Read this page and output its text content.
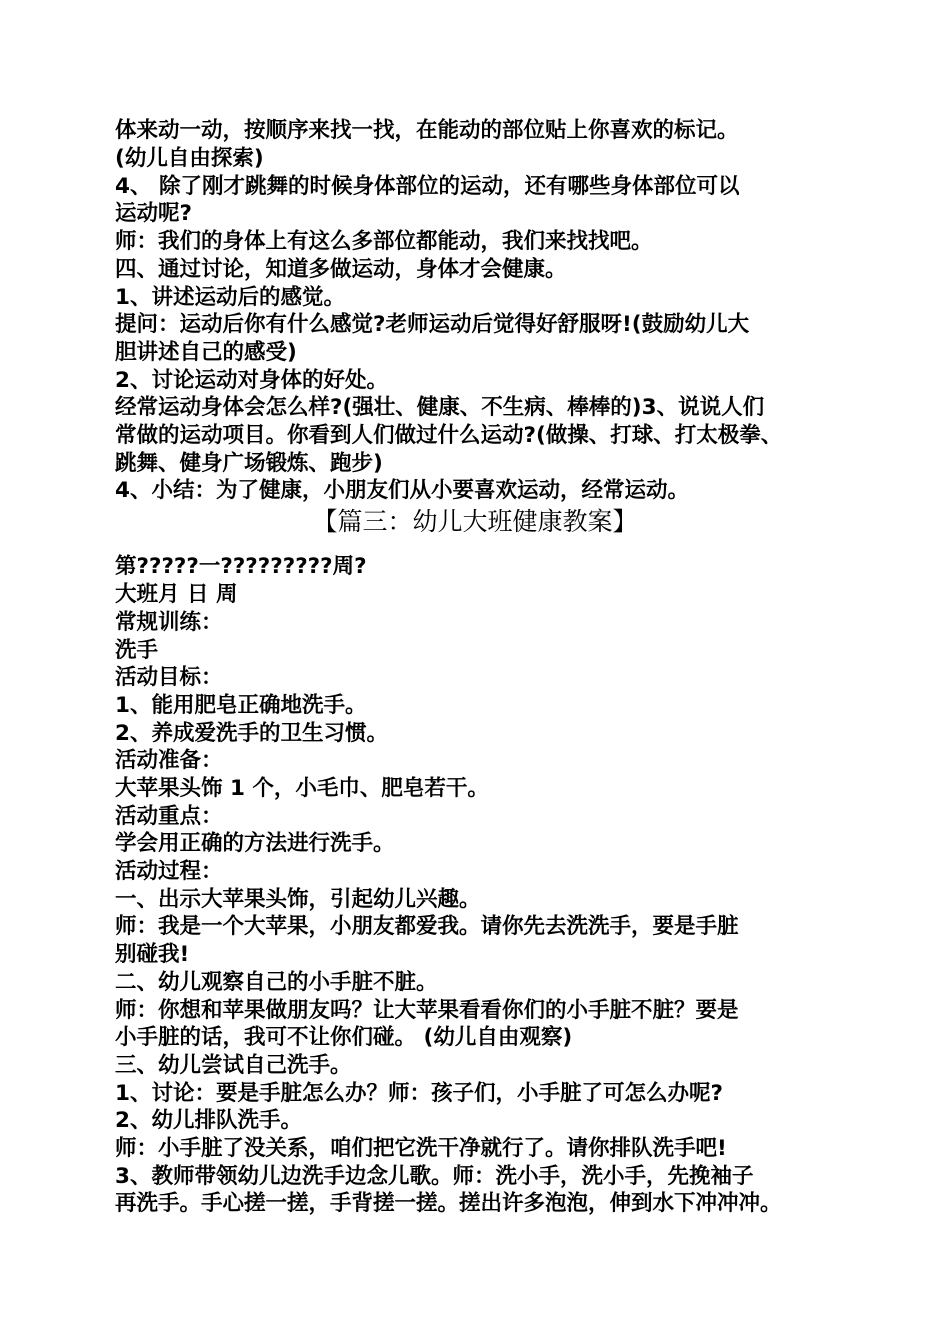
体来动一动，按顺序来找一找，在能动的部位贴上你喜欢的标记。
(幼儿自由探索)
4、 除了刚才跳舞的时候身体部位的运动，还有哪些身体部位可以
运动呢?
师：我们的身体上有这么多部位都能动，我们来找找吧。
四、通过讨论，知道多做运动，身体才会健康。
1、讲述运动后的感觉。
提问：运动后你有什么感觉?老师运动后觉得好舒服呀!(鼓励幼儿大
胆讲述自己的感受)
2、讨论运动对身体的好处。
经常运动身体会怎么样?(强壮、健康、不生病、棒棒的)3、说说人们
常做的运动项目。你看到人们做过什么运动?(做操、打球、打太极拳、
跳舞、健身广场锻炼、跑步)
4、小结：为了健康，小朋友们从小要喜欢运动，经常运动。
【篇三：幼儿大班健康教案】
第?????一?????????周?
大班月 日 周
常规训练：
洗手
活动目标：
1、能用肥皂正确地洗手。
2、养成爱洗手的卫生习惯。
活动准备：
大苹果头饰 1 个，小毛巾、肥皂若干。
活动重点：
学会用正确的方法进行洗手。
活动过程：
一、出示大苹果头饰，引起幼儿兴趣。
师：我是一个大苹果，小朋友都爱我。请你先去洗洗手，要是手脏
别碰我!
二、幼儿观察自己的小手脏不脏。
师：你想和苹果做朋友吗？让大苹果看看你们的小手脏不脏？要是
小手脏的话，我可不让你们碰。 (幼儿自由观察)
三、幼儿尝试自己洗手。
1、讨论：要是手脏怎么办？师：孩子们，小手脏了可怎么办呢?
2、幼儿排队洗手。
师：小手脏了没关系，咱们把它洗干净就行了。请你排队洗手吧!
3、教师带领幼儿边洗手边念儿歌。师：洗小手，洗小手，先挽袖子
再洗手。手心搓一搓，手背搓一搓。搓出许多泡泡，伸到水下冲冲冲。
